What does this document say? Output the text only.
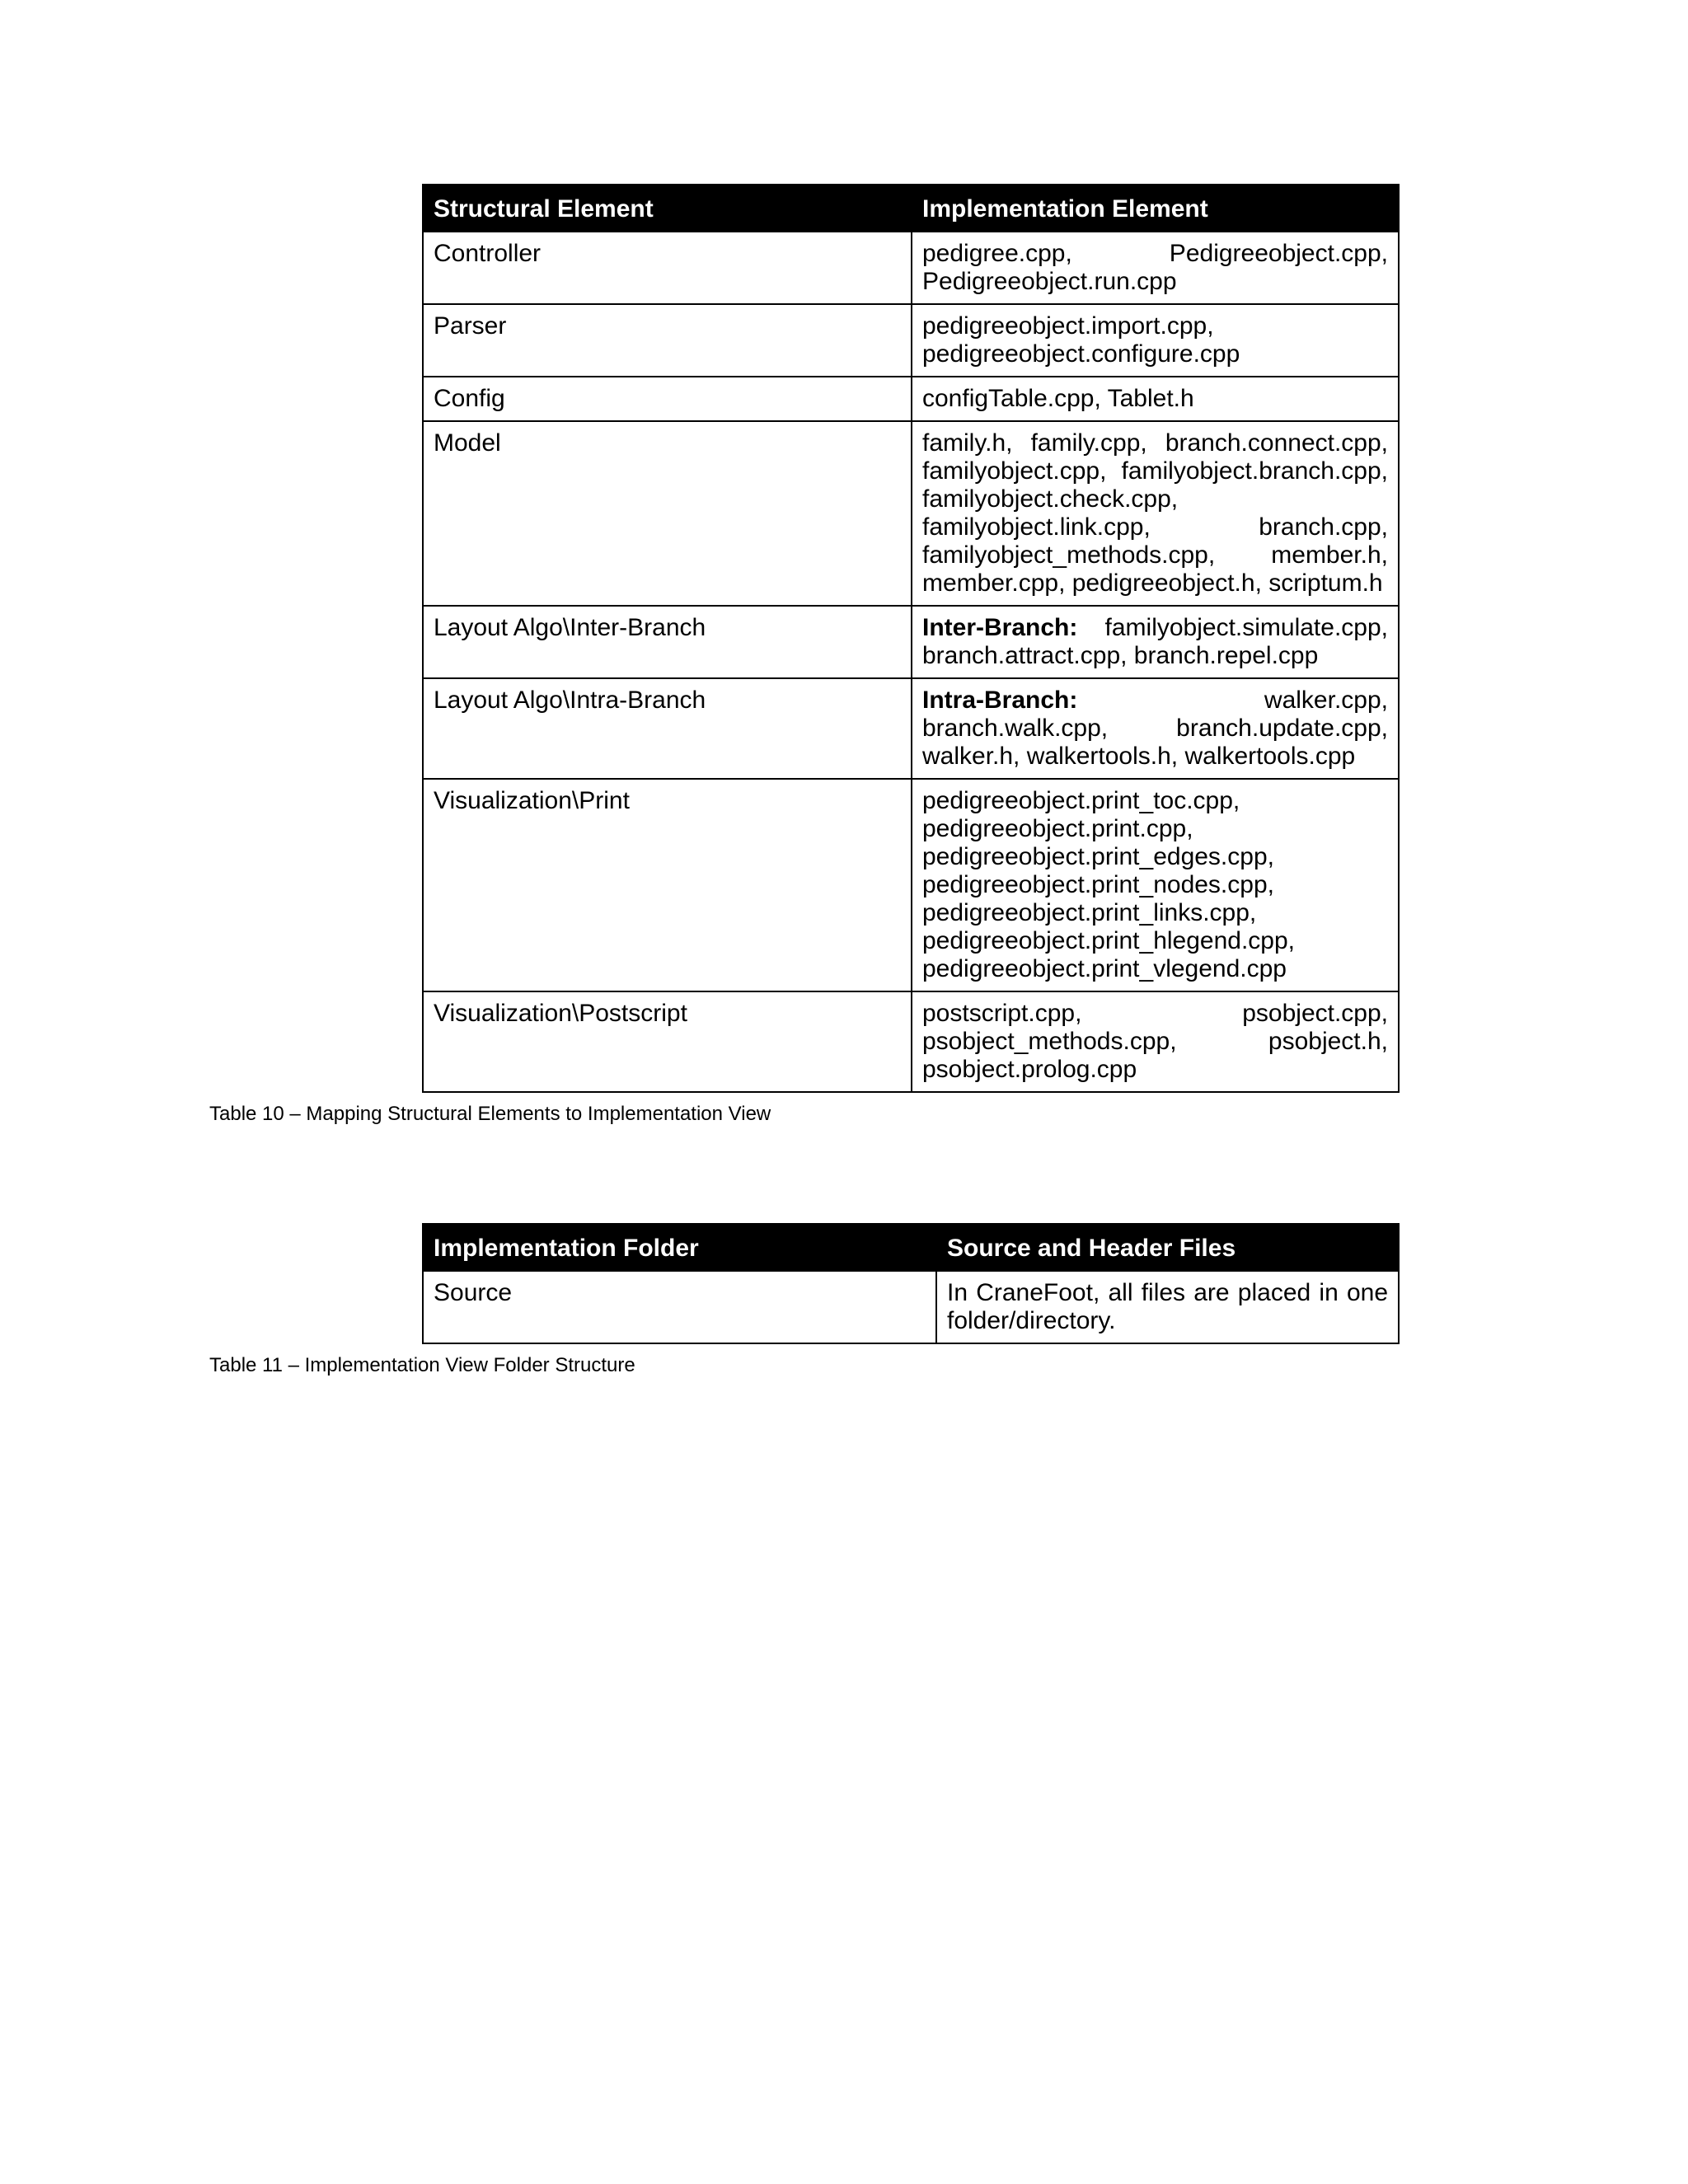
Structural Element	Implementation Element
Controller	pedigree.cpp, Pedigreeobject.cpp, Pedigreeobject.run.cpp
Parser	pedigreeobject.import.cpp, pedigreeobject.configure.cpp
Config	configTable.cpp, Tablet.h
Model	family.h, family.cpp, branch.connect.cpp, familyobject.cpp, familyobject.branch.cpp, familyobject.check.cpp, familyobject.link.cpp, branch.cpp, familyobject_methods.cpp, member.h, member.cpp, pedigreeobject.h, scriptum.h
Layout Algo\Inter-Branch	Inter-Branch: familyobject.simulate.cpp, branch.attract.cpp, branch.repel.cpp
Layout Algo\Intra-Branch	Intra-Branch: walker.cpp, branch.walk.cpp, branch.update.cpp, walker.h, walkertools.h, walkertools.cpp
Visualization\Print	pedigreeobject.print_toc.cpp, pedigreeobject.print.cpp, pedigreeobject.print_edges.cpp, pedigreeobject.print_nodes.cpp, pedigreeobject.print_links.cpp, pedigreeobject.print_hlegend.cpp, pedigreeobject.print_vlegend.cpp
Visualization\Postscript	postscript.cpp, psobject.cpp, psobject_methods.cpp, psobject.h, psobject.prolog.cpp
Table 10 – Mapping Structural Elements to Implementation View
Implementation Folder	Source and Header Files
Source	In CraneFoot, all files are placed in one folder/directory.
Table 11 – Implementation View Folder Structure
